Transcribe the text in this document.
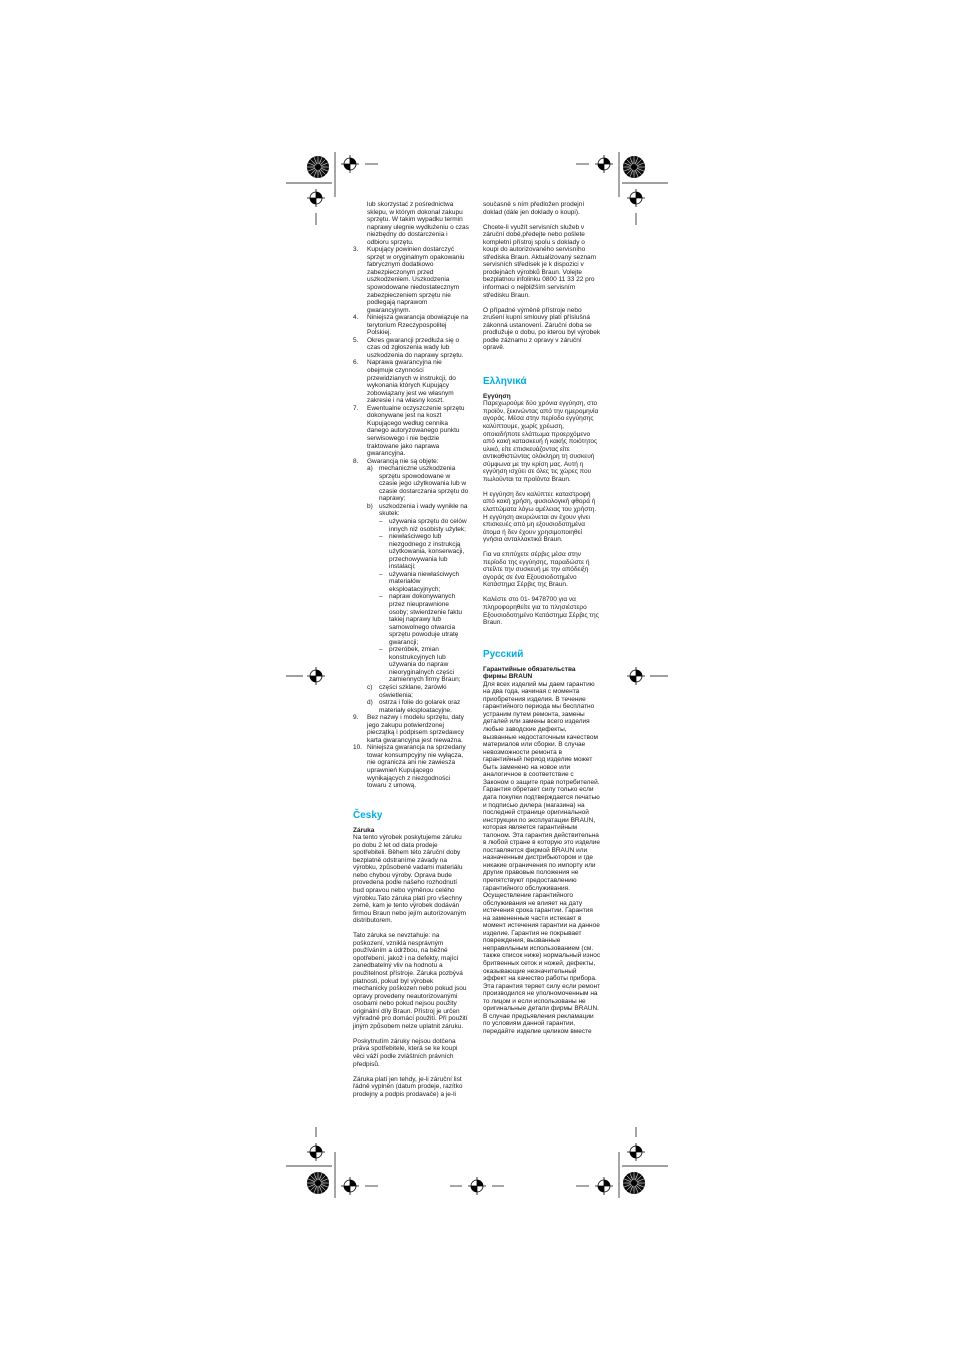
lub skorzystać z pośrednictwa sklepu, w którym dokonał zakupu sprzętu. W takim wypadku termin naprawy ulegnie wydłużeniu o czas niezbędny do dostarczenia i odbioru sprzętu.
3.	Kupujący powinien dostarczyć sprzęt w oryginalnym opakowaniu fabrycznym dodatkowo zabezpieczonym przed uszkodzeniem. Uszkodzenia spowodowane niedostatecznym zabezpieczeniem sprzętu nie podlegają naprawom gwarancyjnym.
4.	Niniejsza gwarancja obowiązuje na terytorium Rzeczypospolitej Polskiej.
5.	Okres gwarancji przedłuża się o czas od zgłoszenia wady lub uszkodzenia do naprawy sprzętu.
6.	Naprawa gwarancyjna nie obejmuje czynności przewidzianych w instrukcji, do wykonania których Kupujący zobowiązany jest we własnym zakresie i na własny koszt.
7.	Ewentualne oczyszczenie sprzętu dokonywane jest na koszt Kupującego według cennika danego autoryzowanego punktu serwisowego i nie będzie traktowane jako naprawa gwarancyjna.
8.	Gwarancją nie są objęte:
a) mechaniczne uszkodzenia sprzętu spowodowane w czasie jego użytkowania lub w czasie dostarczania sprzętu do naprawy;
b) uszkodzenia i wady wynikłe na skutek:
– używania sprzętu do celów innych niż osobisty użytek;
– niewłaściwego lub niezgodnego z instrukcją użytkowania, konserwacji, przechowywania lub instalacji;
– używania niewłaściwych materiałów eksploatacyjnych;
– napraw dokonywanych przez nieuprawnione osoby; stwierdzenie faktu takiej naprawy lub samowolnego otwarcia sprzętu powoduje utratę gwarancji;
– przeróbek, zmian konstrukcyjnych lub używania do napraw nieoryginalnych części zamiennych firmy Braun;
c)	części szklane, żarówki oświetlenia;
d) ostrza i folie do golarek oraz materiały eksploatacyjne.
9.	Bez nazwy i modelu sprzętu, daty jego zakupu potwierdzonej pieczątką i podpisem sprzedawcy karta gwarancyjna jest nieważna.
10. Niniejsza gwarancja na sprzedany towar konsumpcyjny nie wyłącza, nie ogranicza ani nie zawiesza uprawnień Kupującego wynikających z niezgodności towaru z umową.
Česky
Záruka

Na tento výrobek poskytujeme záruku po dobu 2 let od data prodeje spotřebiteli. Během této záruční doby bezplatně odstraníme závady na výrobku, způsobené vadami materiálu nebo chybou výroby. Oprava bude provedena podle našeho rozhodnutí bud opravou nebo výměnou celého výrobku.Tato záruka platí pro všechny země, kam je tento výrobek dodáván firmou Braun nebo jejím autorizovaným distributorem.

Tato záruka se nevztahuje: na poškození, vzniklá nesprávným používáním a údržbou, na běžné opotřebení, jakož i na defekty, mající zanedbatelný vliv na hodnotu a použitelnost přístroje. Záruka pozbývá platnosti, pokud byl výrobek mechanicky poškozen nebo pokud jsou opravy provedeny neautorizovanými osobami nebo pokud nejsou použity originální díly Braun. Přístroj je určen výhradně pro domácí použití. Při použití jiným způsobem nelze uplatnit záruku.

Poskytnutím záruky nejsou dotčena práva spotřebitele, která se ke koupi věci váží podle zvláštních právních předpisů.

Záruka platí jen tehdy, je-li záruční list řádně vyplněn (datum prodeje, razítko prodejny a podpis prodavače) a je-li

současně s ním předložen prodejní doklad (dále jen doklady o koupi).

Chcete-li využít servisních služeb v záruční době,předejte nebo pošlete kompletní přístroj spolu s doklady o koupi do autorizovaného servisního střediska Braun. Aktualizovaný seznam servisních středisek je k dispozici v prodejnách výrobků Braun. Volejte bezplatnou infolinku 0800 11 33 22 pro informaci o nejbližším servisním středisku Braun.

O případné výměně přístroje nebo zrušení kupní smlouvy platí příslušná zákonná ustanovení. Záruční doba se prodlužuje o dobu, po kterou byl výrobek podle záznamu z opravy v záruční opravě.

Ελληνικά
Εγγύηση

Παρεχωρούμε δύο χρόνια εγγύηση, στο προϊόν, ξεκινώντας από την ημερομηνία αγοράς. Μέσα στην περίοδο εγγύησης καλύπτουμε, χωρίς χρέωση, οποιαδήποτε ελάττωμα προερχόμενο από κακή κατασκευή ή κακής ποιότητος υλικό, είτε επισκευάζοντας είτε αντικαθιστώντας ολόκληρη τη συσκευή σύμφωνα με την κρίση μας. Αυτή η εγγύηση ισχύει σε όλες τις χώρες που πωλούνται τα προϊόντα Braun.

Η εγγύηση δεν καλύπτει: καταστροφή από κακή χρήση, φυσιολογική φθορά ή ελαττώματα λόγω αμέλειας του χρήστη. Η εγγύηση ακυρώνεται αν έχουν γίνει επισκευές από μη εξουσιοδοτημένα άτομα ή δεν έχουν χρησιμοποιηθεί γνήσια ανταλλακτικά Braun.

Για να επιτύχετε σέρβις μέσα στην περίοδο της εγγύησης, παραδώστε ή στείλτε την συσκευή με την απόδειξη αγοράς σε ένα Εξουσιοδοτημένο Κατάστημα Σέρβις της Braun.

Καλέστε στο 01- 9478700 για να πληροφορηθείτε για το πλησιέστερο Εξουσιοδοτημένο Κατάστημα Σέρβις της Braun.

Русский
Гарантийные обязательства фирмы BRAUN

Для всех изделий мы даем гарантию на два года, начиная с момента приобретения изделия. В течение гарантийного периода мы бесплатно устраним путем ремонта, замены деталей или замены всего изделия любые заводские дефекты, вызванные недостаточным качеством материалов или сборки. В случае невозможности ремонта в гарантийный период изделие может быть заменено на новое или аналогичное в соответствие с Законом о защите прав потребителей. Гарантия обретает силу только если дата покупки подтверждается печатью и подписью дилера (магазина) на последней странице оригинальной инструкции по эксплуатации BRAUN, которая является гарантийным талоном. Эта гарантия действительна в любой стране в которую это изделие поставляется фирмой BRAUN или назначенным дистрибьютором и где никакие ограничения по импорту или другие правовые положения не препятствуют предоставлению гарантийного обслуживания. Осуществление гарантийного обслуживания не влияет на дату истечения срока гарантии. Гарантия на замененные части истекает в момент истечения гарантии на данное изделие. Гарантия не покрывает повреждения, вызванные неправильным использованием (см. также список ниже) нормальный износ бритвенных сеток и ножей, дефекты, оказывающие незначительный эффект на качество работы прибора. Эта гарантия теряет силу если ремонт производился не уполномоченным на то лицом и если использованы не оригинальные детали фирмы BRAUN. В случае предъявления рекламации по условиям данной гарантии, передайте изделие целиком вместе
